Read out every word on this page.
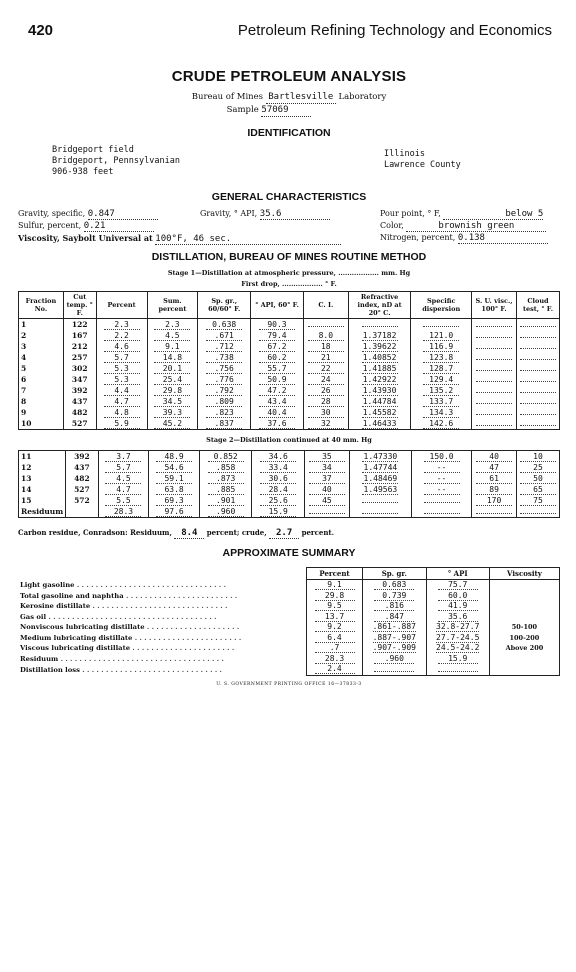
420	Petroleum Refining Technology and Economics
CRUDE PETROLEUM ANALYSIS
Bureau of Mines Bartlesville Laboratory
Sample 57069
IDENTIFICATION
Bridgeport field
Bridgeport, Pennsylvanian
906-938 feet
Illinois
Lawrence County
GENERAL CHARACTERISTICS
Gravity, specific, 0.847	Gravity, ° API, 35.6	Pour point, ° F,	below 5
Sulfur, percent, 0.21	Color,	brownish green
Viscosity, Saybolt Universal at 100°F, 46 sec.	Nitrogen, percent, 0.138
DISTILLATION, BUREAU OF MINES ROUTINE METHOD
Stage 1—Distillation at atmospheric pressure, .................. mm. Hg
First drop, .................. ° F.
Fraction No.	Cut temp. ° F.	Percent	Sum. percent	Sp. gr., 60/60° F.	° API, 60° F.	C. I.	Refractive index, nD at 20° C.	Specific dispersion	S. U. visc., 100° F.	Cloud test, ° F.
1	122	2.3	2.3	0.638	90.3					
2	167	2.2	4.5	.671	79.4	8.0	1.37182	121.0		
3	212	4.6	9.1	.712	67.2	18	1.39622	116.9		
4	257	5.7	14.8	.738	60.2	21	1.40852	123.8		
5	302	5.3	20.1	.756	55.7	22	1.41885	128.7		
6	347	5.3	25.4	.776	50.9	24	1.42922	129.4		
7	392	4.4	29.8	.792	47.2	26	1.43930	135.2		
8	437	4.7	34.5	.809	43.4	28	1.44784	133.7		
9	482	4.8	39.3	.823	40.4	30	1.45582	134.3		
10	527	5.9	45.2	.837	37.6	32	1.46433	142.6		
Stage 2—Distillation continued at 40 mm. Hg
11	392	3.7	48.9	0.852	34.6	35	1.47330	150.0	40	10
12	437	5.7	54.6	.858	33.4	34	1.47744	--	47	25
13	482	4.5	59.1	.873	30.6	37	1.48469	--	61	50
14	527	4.7	63.8	.885	28.4	40	1.49563	--	89	65
15	572	5.5	69.3	.901	25.6	45			170	75
Residuum		28.3	97.6	.960	15.9					
Carbon residue, Conradson: Residuum, 8.4 percent; crude, 2.7 percent.
APPROXIMATE SUMMARY
	Percent	Sp. gr.	° API	Viscosity
Light gasoline . . . . . . . . . . . . . . . . . . . . . . . . . . . . . . . .	9.1	0.683	75.7	
Total gasoline and naphtha . . . . . . . . . . . . . . . . . . . . . . . .	29.8	0.739	60.0	
Kerosine distillate . . . . . . . . . . . . . . . . . . . . . . . . . . . . .	9.5	.816	41.9	
Gas oil . . . . . . . . . . . . . . . . . . . . . . . . . . . . . . . . . . . .	13.7	.847	35.6	
Nonviscous lubricating distillate . . . . . . . . . . . . . . . . . . . .	9.2	.861-.887	32.8-27.7	50-100
Medium lubricating distillate . . . . . . . . . . . . . . . . . . . . . . .	6.4	.887-.907	27.7-24.5	100-200
Viscous lubricating distillate . . . . . . . . . . . . . . . . . . . . . .	.7	.907-.909	24.5-24.2	Above 200
Residuum . . . . . . . . . . . . . . . . . . . . . . . . . . . . . . . . . . .	28.3	.960	15.9	
Distillation loss . . . . . . . . . . . . . . . . . . . . . . . . . . . . . .	2.4			
U. S. GOVERNMENT PRINTING OFFICE 16—37833-3
